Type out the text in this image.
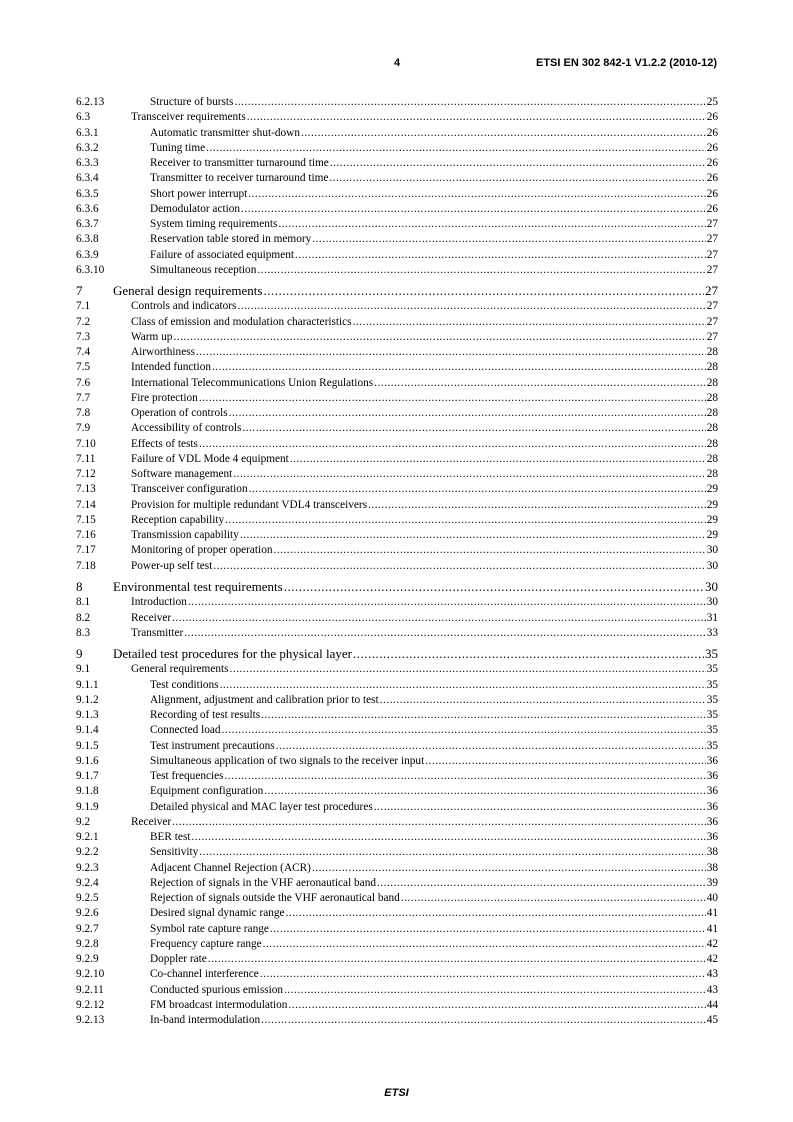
4	ETSI EN 302 842-1 V1.2.2 (2010-12)
6.2.13	Structure of bursts .....	25
6.3	Transceiver requirements .....	26
6.3.1	Automatic transmitter shut-down .....	26
6.3.2	Tuning time .....	26
6.3.3	Receiver to transmitter turnaround time .....	26
6.3.4	Transmitter to receiver turnaround time .....	26
6.3.5	Short power interrupt .....	26
6.3.6	Demodulator action .....	26
6.3.7	System timing requirements .....	27
6.3.8	Reservation table stored in memory .....	27
6.3.9	Failure of associated equipment .....	27
6.3.10	Simultaneous reception .....	27
7 General design requirements .....	27
7.1	Controls and indicators .....	27
7.2	Class of emission and modulation characteristics .....	27
7.3	Warm up .....	27
7.4	Airworthiness .....	28
7.5	Intended function .....	28
7.6	International Telecommunications Union Regulations .....	28
7.7	Fire protection .....	28
7.8	Operation of controls .....	28
7.9	Accessibility of controls .....	28
7.10	Effects of tests .....	28
7.11	Failure of VDL Mode 4 equipment .....	28
7.12	Software management .....	28
7.13	Transceiver configuration .....	29
7.14	Provision for multiple redundant VDL4 transceivers .....	29
7.15	Reception capability .....	29
7.16	Transmission capability .....	29
7.17	Monitoring of proper operation .....	30
7.18	Power-up self test .....	30
8 Environmental test requirements .....	30
8.1	Introduction .....	30
8.2	Receiver .....	31
8.3	Transmitter .....	33
9 Detailed test procedures for the physical layer .....	35
9.1	General requirements .....	35
9.1.1	Test conditions .....	35
9.1.2	Alignment, adjustment and calibration prior to test .....	35
9.1.3	Recording of test results .....	35
9.1.4	Connected load .....	35
9.1.5	Test instrument precautions .....	35
9.1.6	Simultaneous application of two signals to the receiver input .....	36
9.1.7	Test frequencies .....	36
9.1.8	Equipment configuration .....	36
9.1.9	Detailed physical and MAC layer test procedures .....	36
9.2	Receiver .....	36
9.2.1	BER test .....	36
9.2.2	Sensitivity .....	38
9.2.3	Adjacent Channel Rejection (ACR) .....	38
9.2.4	Rejection of signals in the VHF aeronautical band .....	39
9.2.5	Rejection of signals outside the VHF aeronautical band .....	40
9.2.6	Desired signal dynamic range .....	41
9.2.7	Symbol rate capture range .....	41
9.2.8	Frequency capture range .....	42
9.2.9	Doppler rate .....	42
9.2.10	Co-channel interference .....	43
9.2.11	Conducted spurious emission .....	43
9.2.12	FM broadcast intermodulation .....	44
9.2.13	In-band intermodulation .....	45
ETSI
